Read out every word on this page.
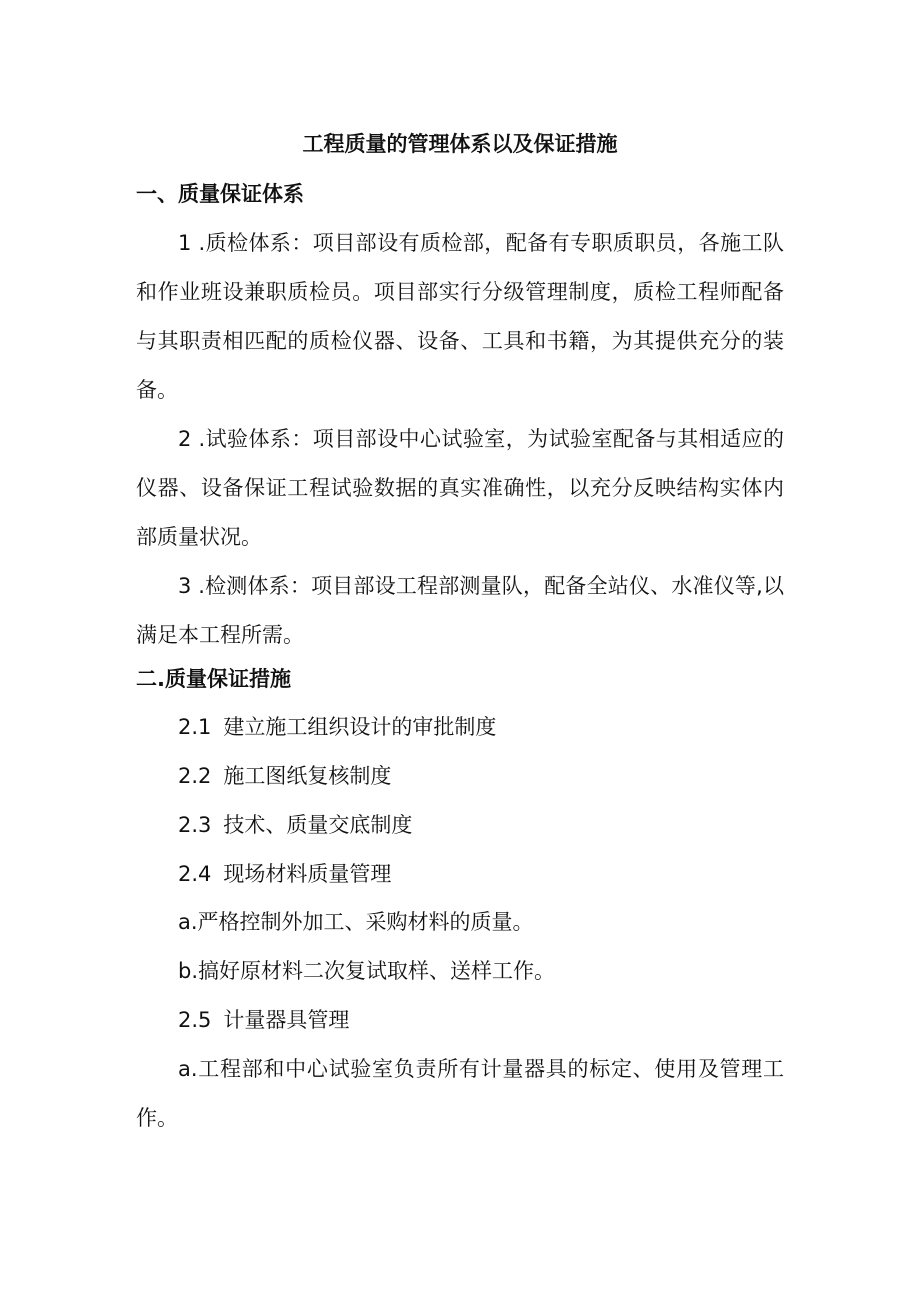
工程质量的管理体系以及保证措施
一、质量保证体系
1 .质检体系：项目部设有质检部，配备有专职质职员，各施工队和作业班设兼职质检员。项目部实行分级管理制度，质检工程师配备与其职责相匹配的质检仪器、设备、工具和书籍，为其提供充分的装备。
2 .试验体系：项目部设中心试验室，为试验室配备与其相适应的仪器、设备保证工程试验数据的真实准确性，以充分反映结构实体内部质量状况。
3 .检测体系：项目部设工程部测量队，配备全站仪、水准仪等,以满足本工程所需。
二.质量保证措施
2.1 建立施工组织设计的审批制度
2.2 施工图纸复核制度
2.3 技术、质量交底制度
2.4 现场材料质量管理
a.严格控制外加工、采购材料的质量。
b.搞好原材料二次复试取样、送样工作。
2.5 计量器具管理
a.工程部和中心试验室负责所有计量器具的标定、使用及管理工作。
